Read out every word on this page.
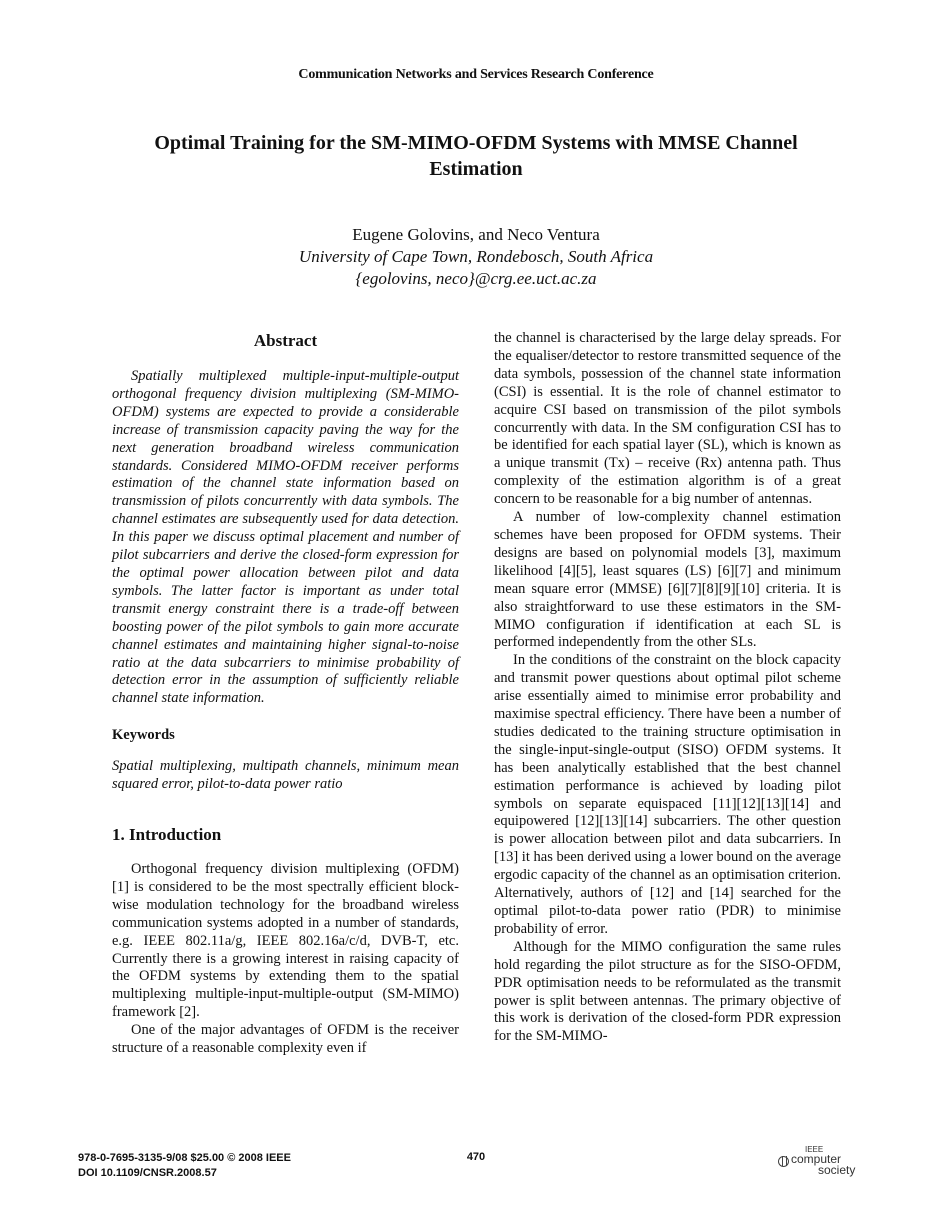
Communication Networks and Services Research Conference
Optimal Training for the SM-MIMO-OFDM Systems with MMSE Channel Estimation
Eugene Golovins, and Neco Ventura
University of Cape Town, Rondebosch, South Africa
{egolovins, neco}@crg.ee.uct.ac.za
Abstract

Spatially multiplexed multiple-input-multiple-output orthogonal frequency division multiplexing (SM-MIMO-OFDM) systems are expected to provide a considerable increase of transmission capacity paving the way for the next generation broadband wireless communication standards. Considered MIMO-OFDM receiver performs estimation of the channel state information based on transmission of pilots concurrently with data symbols. The channel estimates are subsequently used for data detection. In this paper we discuss optimal placement and number of pilot subcarriers and derive the closed-form expression for the optimal power allocation between pilot and data symbols. The latter factor is important as under total transmit energy constraint there is a trade-off between boosting power of the pilot symbols to gain more accurate channel estimates and maintaining higher signal-to-noise ratio at the data subcarriers to minimise probability of detection error in the assumption of sufficiently reliable channel state information.

Keywords

Spatial multiplexing, multipath channels, minimum mean squared error, pilot-to-data power ratio

1. Introduction

Orthogonal frequency division multiplexing (OFDM) [1] is considered to be the most spectrally efficient block-wise modulation technology for the broadband wireless communication systems adopted in a number of standards, e.g. IEEE 802.11a/g, IEEE 802.16a/c/d, DVB-T, etc. Currently there is a growing interest in raising capacity of the OFDM systems by extending them to the spatial multiplexing multiple-input-multiple-output (SM-MIMO) framework [2].

One of the major advantages of OFDM is the receiver structure of a reasonable complexity even if

the channel is characterised by the large delay spreads. For the equaliser/detector to restore transmitted sequence of the data symbols, possession of the channel state information (CSI) is essential. It is the role of channel estimator to acquire CSI based on transmission of the pilot symbols concurrently with data. In the SM configuration CSI has to be identified for each spatial layer (SL), which is known as a unique transmit (Tx) – receive (Rx) antenna path. Thus complexity of the estimation algorithm is of a great concern to be reasonable for a big number of antennas.

A number of low-complexity channel estimation schemes have been proposed for OFDM systems. Their designs are based on polynomial models [3], maximum likelihood [4][5], least squares (LS) [6][7] and minimum mean square error (MMSE) [6][7][8][9][10] criteria. It is also straightforward to use these estimators in the SM-MIMO configuration if identification at each SL is performed independently from the other SLs.

In the conditions of the constraint on the block capacity and transmit power questions about optimal pilot scheme arise essentially aimed to minimise error probability and maximise spectral efficiency. There have been a number of studies dedicated to the training structure optimisation in the single-input-single-output (SISO) OFDM systems. It has been analytically established that the best channel estimation performance is achieved by loading pilot symbols on separate equispaced [11][12][13][14] and equipowered [12][13][14] subcarriers. The other question is power allocation between pilot and data subcarriers. In [13] it has been derived using a lower bound on the average ergodic capacity of the channel as an optimisation criterion. Alternatively, authors of [12] and [14] searched for the optimal pilot-to-data power ratio (PDR) to minimise probability of error.

Although for the MIMO configuration the same rules hold regarding the pilot structure as for the SISO-OFDM, PDR optimisation needs to be reformulated as the transmit power is split between antennas. The primary objective of this work is derivation of the closed-form PDR expression for the SM-MIMO-

978-0-7695-3135-9/08 $25.00 © 2008 IEEE
DOI 10.1109/CNSR.2008.57
470
IEEE
computer
society
